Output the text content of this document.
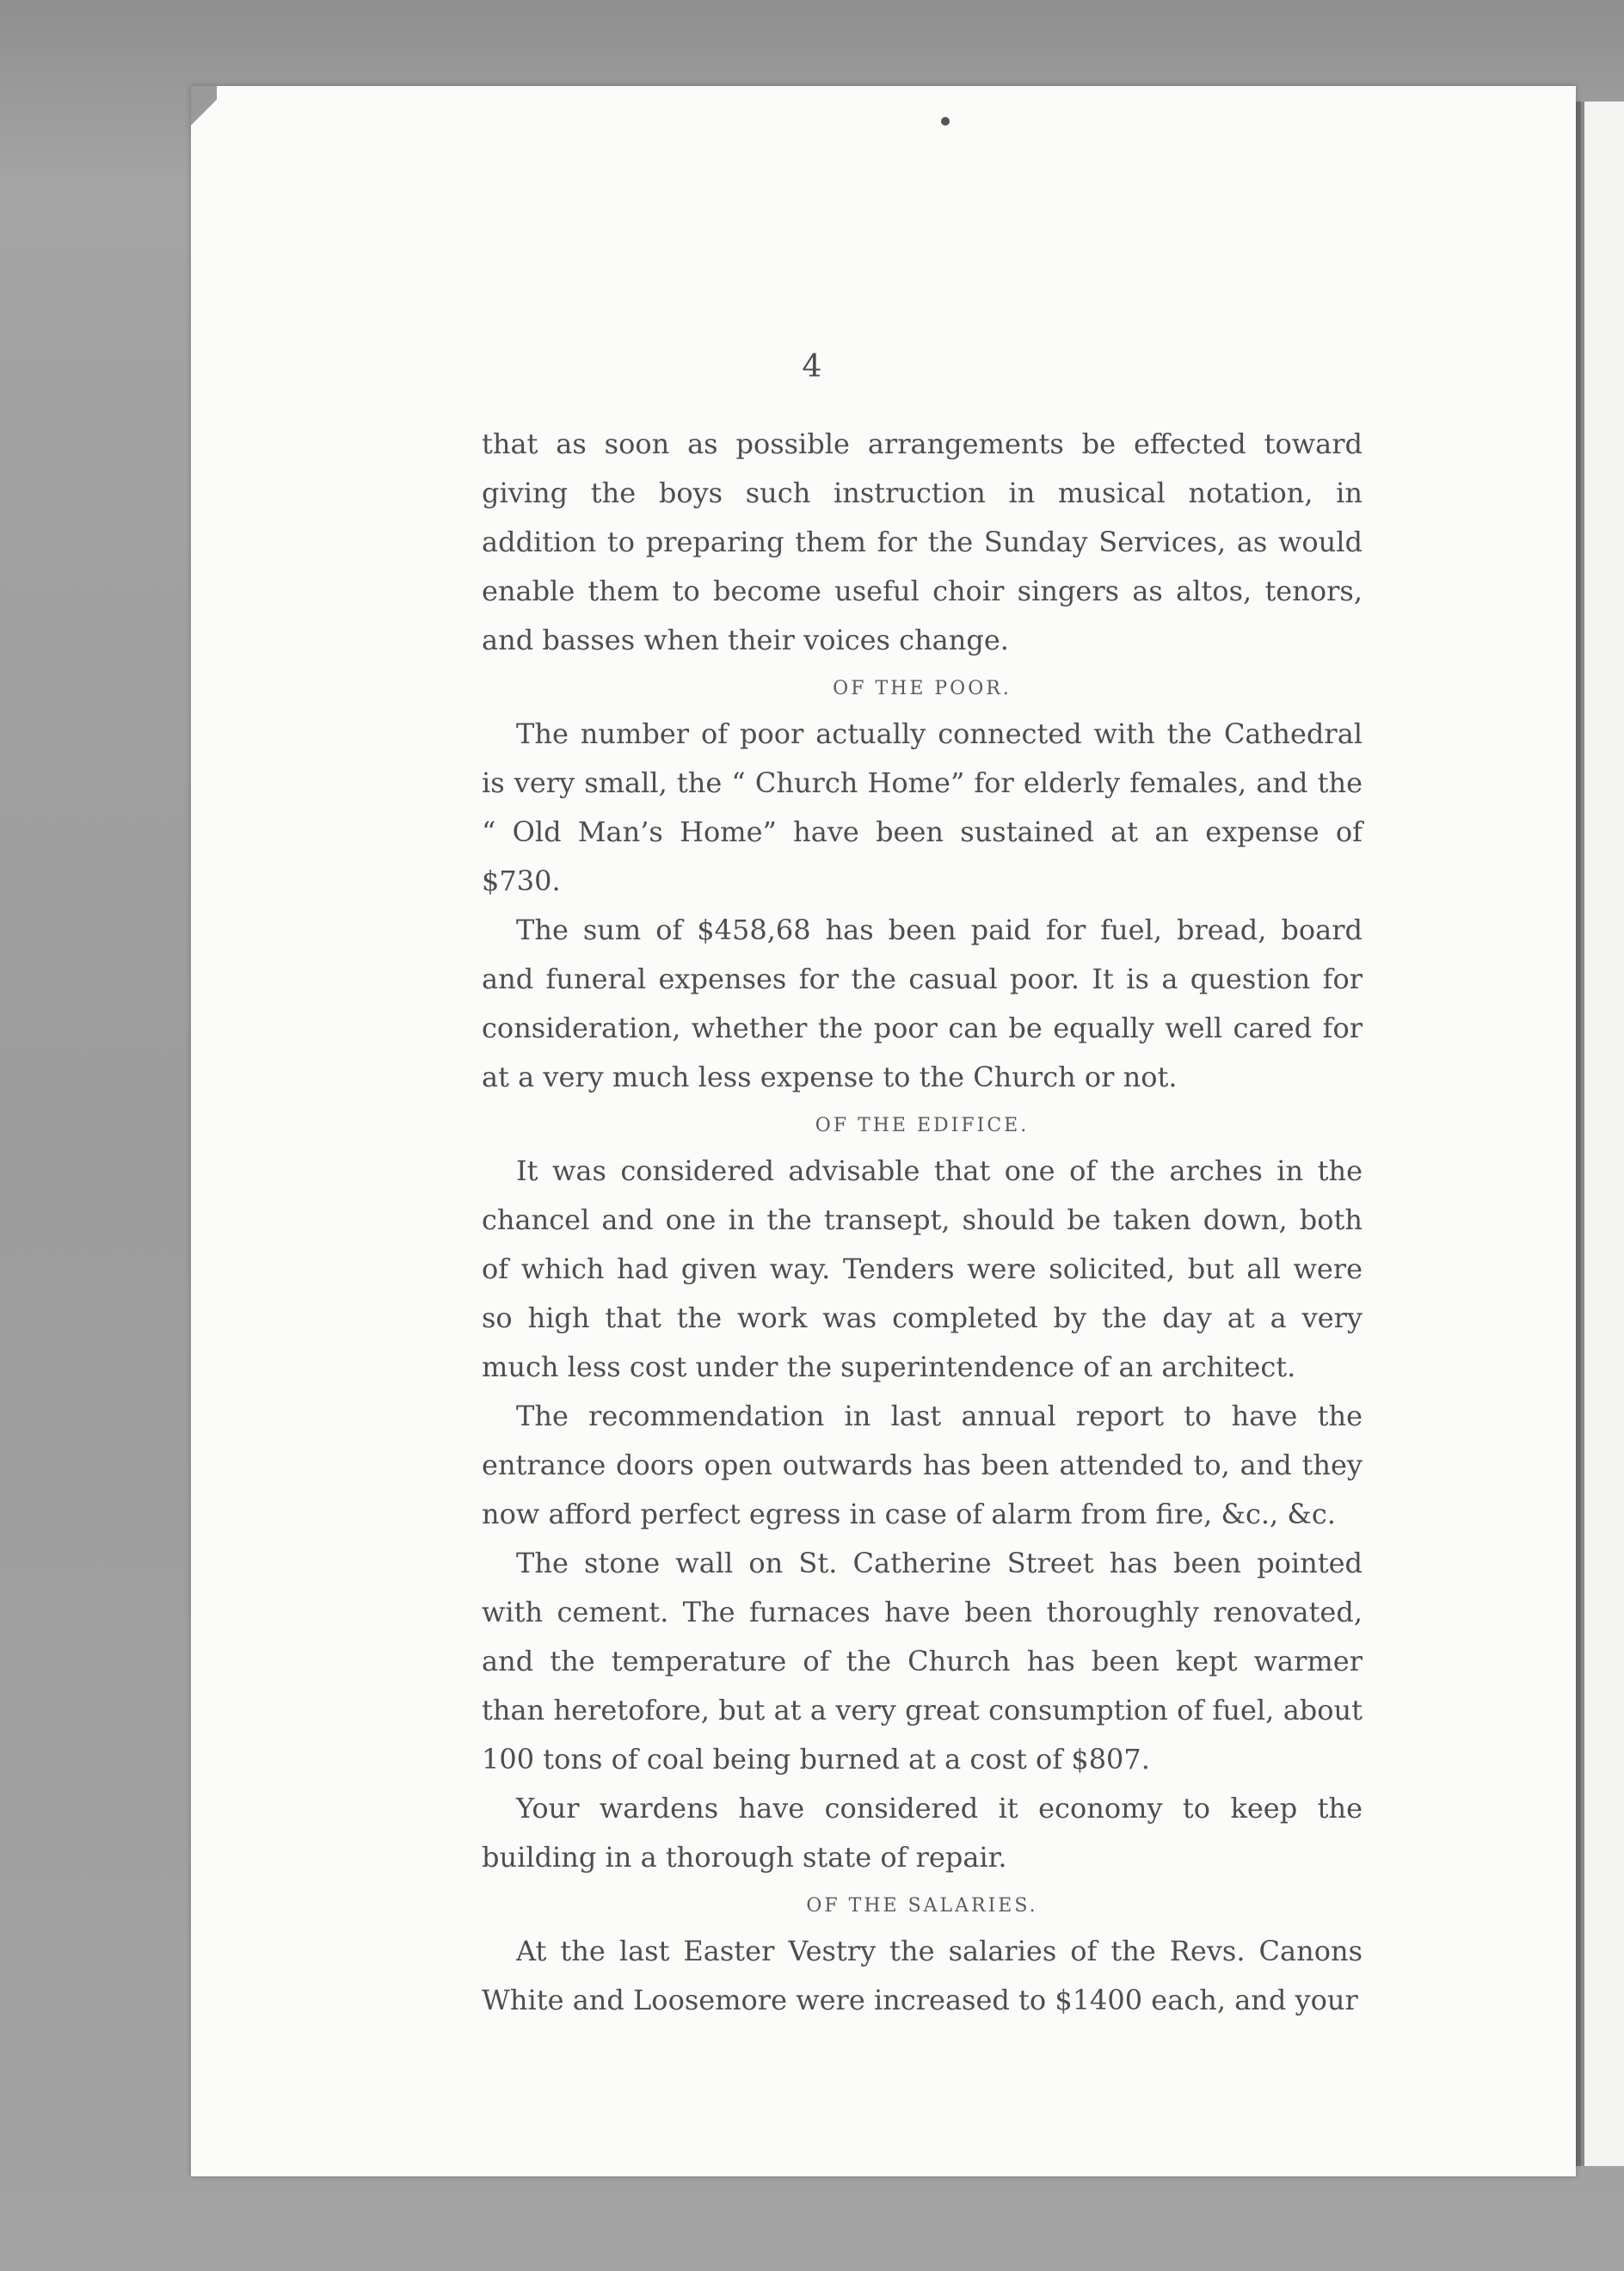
4

that as soon as possible arrangements be effected toward giving the boys such instruction in musical notation, in addition to preparing them for the Sunday Services, as would enable them to become useful choir singers as altos, tenors, and basses when their voices change.

OF THE POOR.

The number of poor actually connected with the Cathedral is very small, the “ Church Home” for elderly females, and the “ Old Man’s Home” have been sustained at an expense of $730.

The sum of $458,68 has been paid for fuel, bread, board and funeral expenses for the casual poor. It is a question for consideration, whether the poor can be equally well cared for at a very much less expense to the Church or not.

OF THE EDIFICE.

It was considered advisable that one of the arches in the chancel and one in the transept, should be taken down, both of which had given way. Tenders were solicited, but all were so high that the work was completed by the day at a very much less cost under the superintendence of an architect.

The recommendation in last annual report to have the entrance doors open outwards has been attended to, and they now afford perfect egress in case of alarm from fire, &c., &c.

The stone wall on St. Catherine Street has been pointed with cement. The furnaces have been thoroughly renovated, and the temperature of the Church has been kept warmer than heretofore, but at a very great consumption of fuel, about 100 tons of coal being burned at a cost of $807.

Your wardens have considered it economy to keep the building in a thorough state of repair.

OF THE SALARIES.

At the last Easter Vestry the salaries of the Revs. Canons White and Loosemore were increased to $1400 each, and your
